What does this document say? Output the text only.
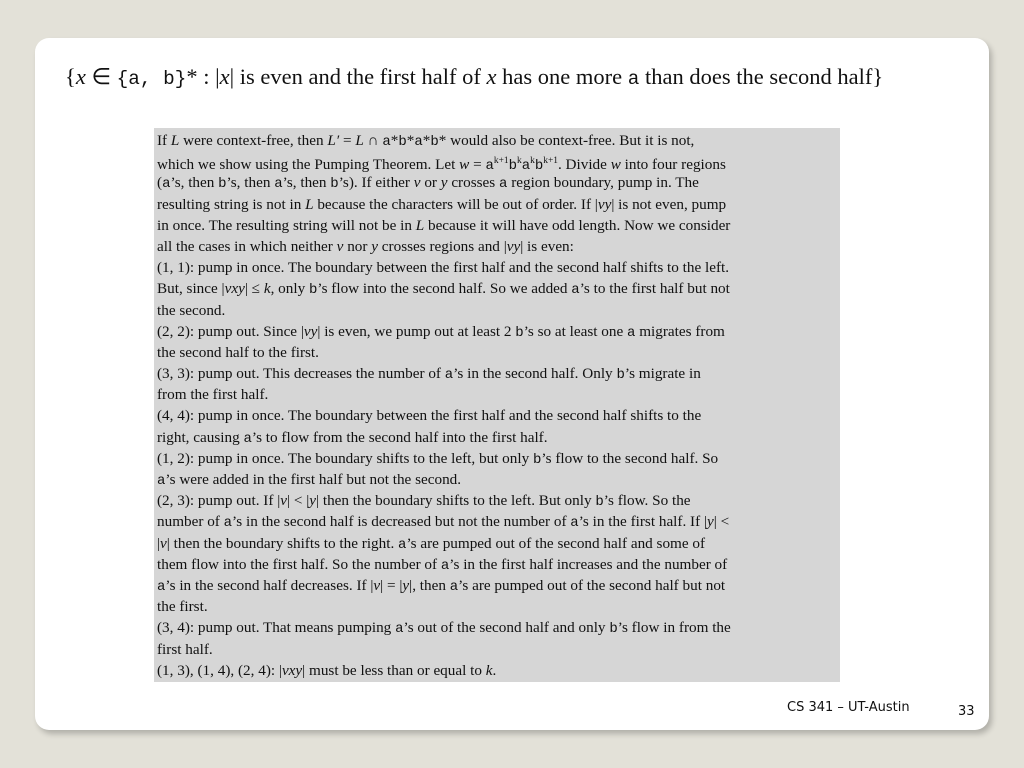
{x ∈ {a, b}* : |x| is even and the first half of x has one more a than does the second half}
If L were context-free, then L′ = L ∩ a*b*a*b* would also be context-free. But it is not,
which we show using the Pumping Theorem. Let $w = a^{k+1}b^ka^kb^{k+1}$. Divide w into four regions
(a’s, then b’s, then a’s, then b’s). If either v or y crosses a region boundary, pump in. The
resulting string is not in L because the characters will be out of order. If |vy| is not even, pump
in once. The resulting string will not be in L because it will have odd length. Now we consider
all the cases in which neither v nor y crosses regions and |vy| is even:
(1, 1): pump in once. The boundary between the first half and the second half shifts to the left.
But, since |vxy| ≤ k, only b’s flow into the second half. So we added a’s to the first half but not
the second.
(2, 2): pump out. Since |vy| is even, we pump out at least 2 b’s so at least one a migrates from
the second half to the first.
(3, 3): pump out. This decreases the number of a’s in the second half. Only b’s migrate in
from the first half.
(4, 4): pump in once. The boundary between the first half and the second half shifts to the
right, causing a’s to flow from the second half into the first half.
(1, 2): pump in once. The boundary shifts to the left, but only b’s flow to the second half. So
a’s were added in the first half but not the second.
(2, 3): pump out. If |v| < |y| then the boundary shifts to the left. But only b’s flow. So the
number of a’s in the second half is decreased but not the number of a’s in the first half. If |y| <
|v| then the boundary shifts to the right. a’s are pumped out of the second half and some of
them flow into the first half. So the number of a’s in the first half increases and the number of
a’s in the second half decreases. If |v| = |y|, then a’s are pumped out of the second half but not
the first.
(3, 4): pump out. That means pumping a’s out of the second half and only b’s flow in from the
first half.
(1, 3), (1, 4), (2, 4): |vxy| must be less than or equal to k.
CS 341 – UT-Austin	33
